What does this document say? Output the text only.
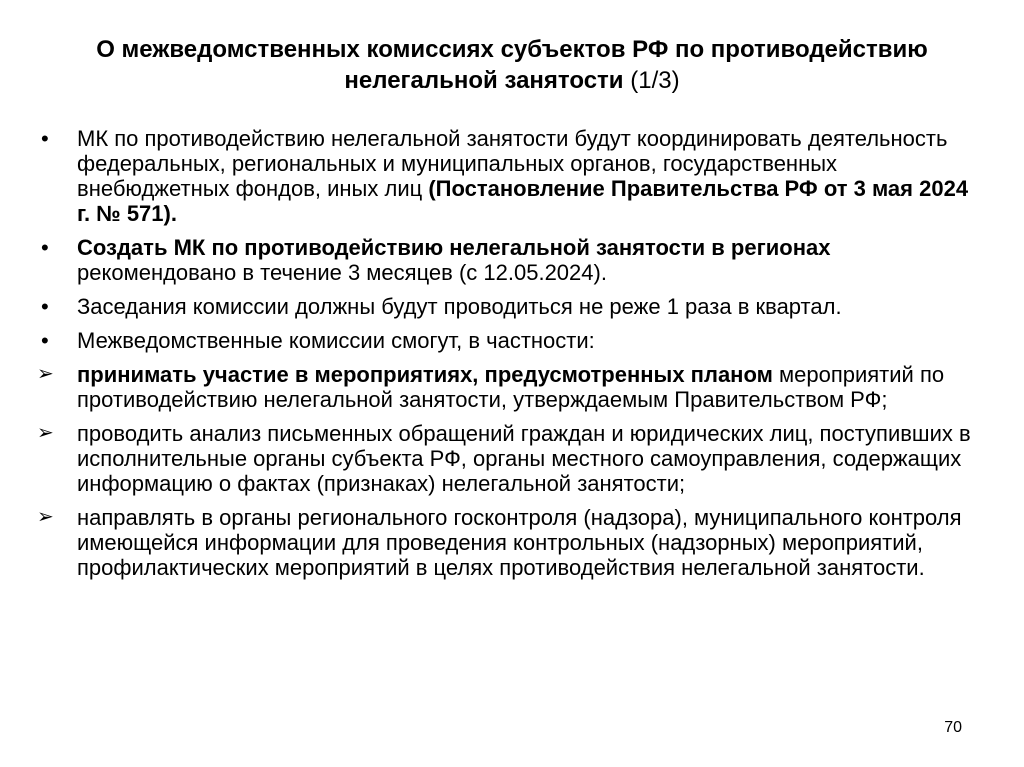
О межведомственных комиссиях субъектов РФ по противодействию нелегальной занятости (1/3)
•	МК по противодействию нелегальной занятости будут координировать деятельность федеральных, региональных и муниципальных органов, государственных внебюджетных фондов, иных лиц (Постановление Правительства РФ от 3 мая 2024 г. № 571).
•	Создать МК по противодействию нелегальной занятости в регионах рекомендовано в течение 3 месяцев (с 12.05.2024).
•	Заседания комиссии должны будут проводиться не реже 1 раза в квартал.
•	Межведомственные комиссии смогут, в частности:
➢	принимать участие в мероприятиях, предусмотренных планом мероприятий по противодействию нелегальной занятости, утверждаемым Правительством РФ;
➢	проводить анализ письменных обращений граждан и юридических лиц, поступивших в исполнительные органы субъекта РФ, органы местного самоуправления, содержащих информацию о фактах (признаках) нелегальной занятости;
➢	направлять в органы регионального госконтроля (надзора), муниципального контроля имеющейся информации для проведения контрольных (надзорных) мероприятий, профилактических мероприятий в целях противодействия нелегальной занятости.
70
